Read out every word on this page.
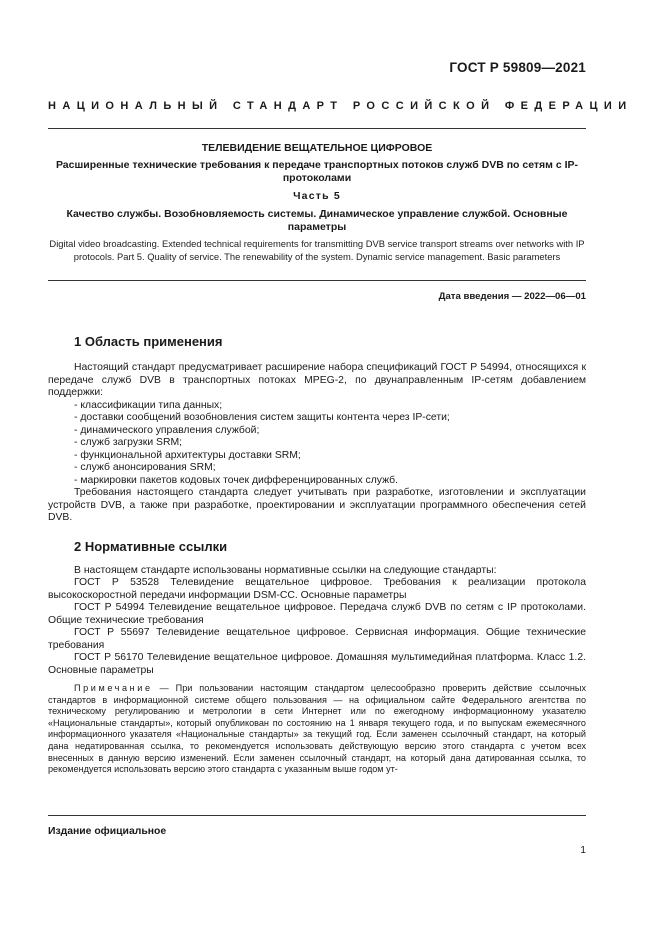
ГОСТ Р 59809—2021
НАЦИОНАЛЬНЫЙ СТАНДАРТ РОССИЙСКОЙ ФЕДЕРАЦИИ
ТЕЛЕВИДЕНИЕ ВЕЩАТЕЛЬНОЕ ЦИФРОВОЕ
Расширенные технические требования к передаче транспортных потоков служб DVB по сетям с IP-протоколами
Часть 5
Качество службы. Возобновляемость системы. Динамическое управление службой. Основные параметры
Digital video broadcasting. Extended technical requirements for transmitting DVB service transport streams over networks with IP protocols. Part 5. Quality of service. The renewability of the system. Dynamic service management. Basic parameters
Дата введения — 2022—06—01
1 Область применения

Настоящий стандарт предусматривает расширение набора спецификаций ГОСТ Р 54994, относящихся к передаче служб DVB в транспортных потоках MPEG-2, по двунаправленным IP-сетям добавлением поддержки:

- классификации типа данных;

- доставки сообщений возобновления систем защиты контента через IP-сети;

- динамического управления службой;

- служб загрузки SRM;

- функциональной архитектуры доставки SRM;

- служб анонсирования SRM;

- маркировки пакетов кодовых точек дифференцированных служб.

Требования настоящего стандарта следует учитывать при разработке, изготовлении и эксплуатации устройств DVB, а также при разработке, проектировании и эксплуатации программного обеспечения сетей DVB.

2 Нормативные ссылки

В настоящем стандарте использованы нормативные ссылки на следующие стандарты:

ГОСТ Р 53528 Телевидение вещательное цифровое. Требования к реализации протокола высокоскоростной передачи информации DSM-CC. Основные параметры

ГОСТ Р 54994 Телевидение вещательное цифровое. Передача служб DVB по сетям с IP протоколами. Общие технические требования

ГОСТ Р 55697 Телевидение вещательное цифровое. Сервисная информация. Общие технические требования

ГОСТ Р 56170 Телевидение вещательное цифровое. Домашняя мультимедийная платформа. Класс 1.2. Основные параметры

Примечание — При пользовании настоящим стандартом целесообразно проверить действие ссылочных стандартов в информационной системе общего пользования — на официальном сайте Федерального агентства по техническому регулированию и метрологии в сети Интернет или по ежегодному информационному указателю «Национальные стандарты», который опубликован по состоянию на 1 января текущего года, и по выпускам ежемесячного информационного указателя «Национальные стандарты» за текущий год. Если заменен ссылочный стандарт, на который дана недатированная ссылка, то рекомендуется использовать действующую версию этого стандарта с учетом всех внесенных в данную версию изменений. Если заменен ссылочный стандарт, на который дана датированная ссылка, то рекомендуется использовать версию этого стандарта с указанным выше годом ут-

Издание официальное
1
